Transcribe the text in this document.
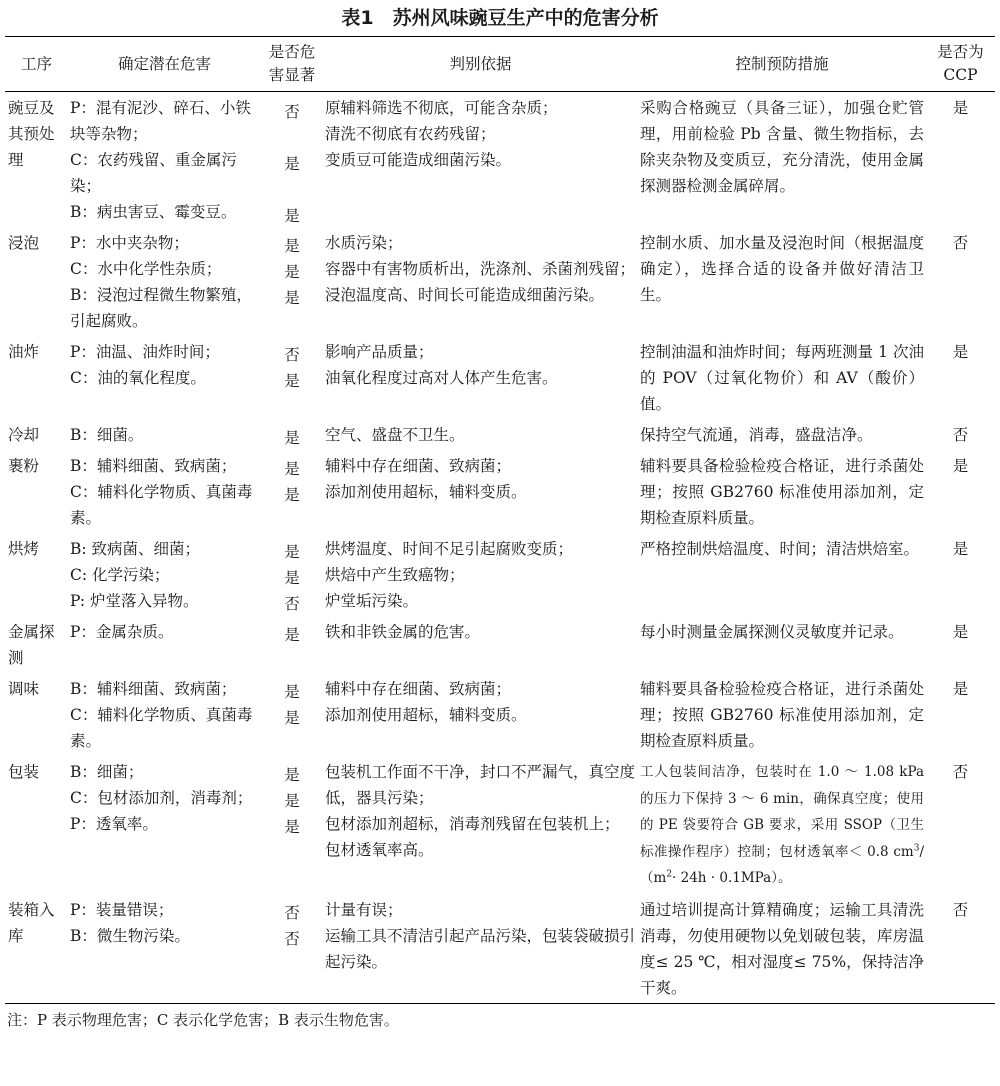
表1　苏州风味豌豆生产中的危害分析
工序	确定潜在危害	是否危
害显著	判别依据	控制预防措施	是否为
CCP

豌豆及其预处理	P：混有泥沙、碎石、小铁块等杂物；
C：农药残留、重金属污染；
B：病虫害豆、霉变豆。	否
是
是	原辅料筛选不彻底，可能含杂质；
清洗不彻底有农药残留；
变质豆可能造成细菌污染。	采购合格豌豆（具备三证），加强仓贮管理，用前检验 Pb 含量、微生物指标，去除夹杂物及变质豆，充分清洗，使用金属探测器检测金属碎屑。	是
浸泡	P：水中夹杂物；
C：水中化学性杂质；
B：浸泡过程微生物繁殖，引起腐败。	是
是
是	水质污染；
容器中有害物质析出，洗涤剂、杀菌剂残留；
浸泡温度高、时间长可能造成细菌污染。	控制水质、加水量及浸泡时间（根据温度确定），选择合适的设备并做好清洁卫生。	否
油炸	P：油温、油炸时间；
C：油的氧化程度。	否
是	影响产品质量；
油氧化程度过高对人体产生危害。	控制油温和油炸时间；每两班测量 1 次油的 POV（过氧化物价）和 AV（酸价）值。	是
冷却	B：细菌。	是	空气、盛盘不卫生。	保持空气流通，消毒，盛盘洁净。	否
裹粉	B：辅料细菌、致病菌；
C：辅料化学物质、真菌毒素。	是
是	辅料中存在细菌、致病菌；
添加剂使用超标，辅料变质。	辅料要具备检验检疫合格证，进行杀菌处理；按照 GB2760 标准使用添加剂，定期检查原料质量。	是
烘烤	B: 致病菌、细菌；
C: 化学污染；
P: 炉堂落入异物。	是
是
否	烘烤温度、时间不足引起腐败变质；
烘焙中产生致癌物；
炉堂垢污染。	严格控制烘焙温度、时间；清洁烘焙室。	是
金属探测	P：金属杂质。	是	铁和非铁金属的危害。	每小时测量金属探测仪灵敏度并记录。	是
调味	B：辅料细菌、致病菌；
C：辅料化学物质、真菌毒素。	是
是	辅料中存在细菌、致病菌；
添加剂使用超标，辅料变质。	辅料要具备检验检疫合格证，进行杀菌处理；按照 GB2760 标准使用添加剂，定期检查原料质量。	是
包装	B：细菌；
C：包材添加剂，消毒剂；
P：透氧率。	是
是
是	包装机工作面不干净，封口不严漏气，真空度低，器具污染；
包材添加剂超标，消毒剂残留在包装机上；
包材透氧率高。	工人包装间洁净，包装时在 1.0 ～ 1.08 kPa 的压力下保持 3 ～ 6 min，确保真空度；使用的 PE 袋要符合 GB 要求，采用 SSOP（卫生标准操作程序）控制；包材透氧率＜ 0.8 $cm^3/(m^2\cdot 24h \cdot 0.1MPa)$。	否
装箱入库	P：装量错误；
B：微生物污染。	否
否	计量有误；
运输工具不清洁引起产品污染，包装袋破损引起污染。	通过培训提高计算精确度；运输工具清洗消毒，勿使用硬物以免划破包装，库房温度≤ 25 ℃，相对湿度≤ 75%，保持洁净干爽。	否
注：P 表示物理危害；C 表示化学危害；B 表示生物危害。
